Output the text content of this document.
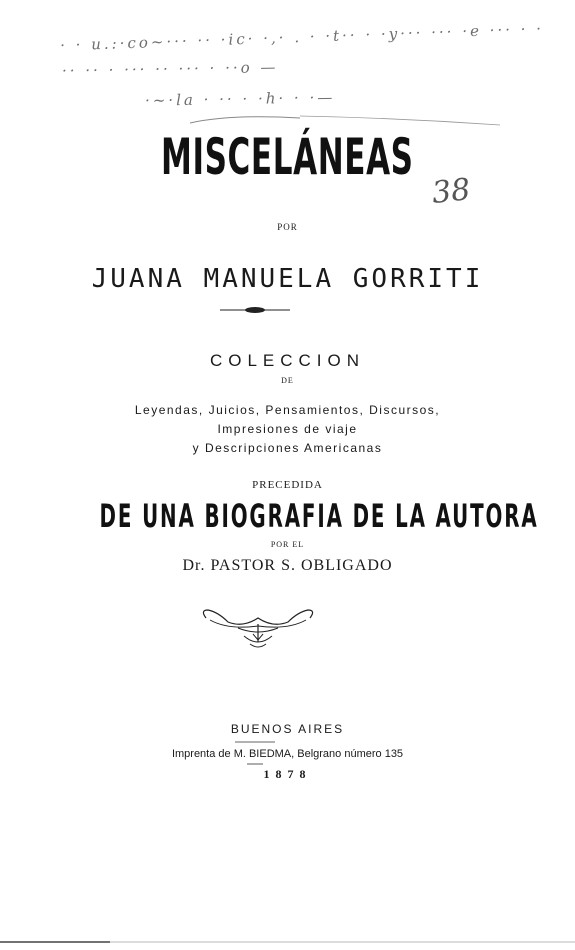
· · u.:·co~··· ·· ·ic· ·,· . · ·t·· · ·y··· ··· ·e ··· · ·
·· ·· · ··· ·· ··· · ··o —
·~·la · ·· · ·h· · ·—
38
MISCELÁNEAS
POR
JUANA MANUELA GORRITI
COLECCION
DE
Leyendas, Juicios, Pensamientos, Discursos,
Impresiones de viaje
y Descripciones Americanas
PRECEDIDA
DE UNA BIOGRAFIA DE LA AUTORA
POR EL
Dr. PASTOR S. OBLIGADO
BUENOS AIRES
Imprenta de M. BIEDMA, Belgrano número 135
1878
